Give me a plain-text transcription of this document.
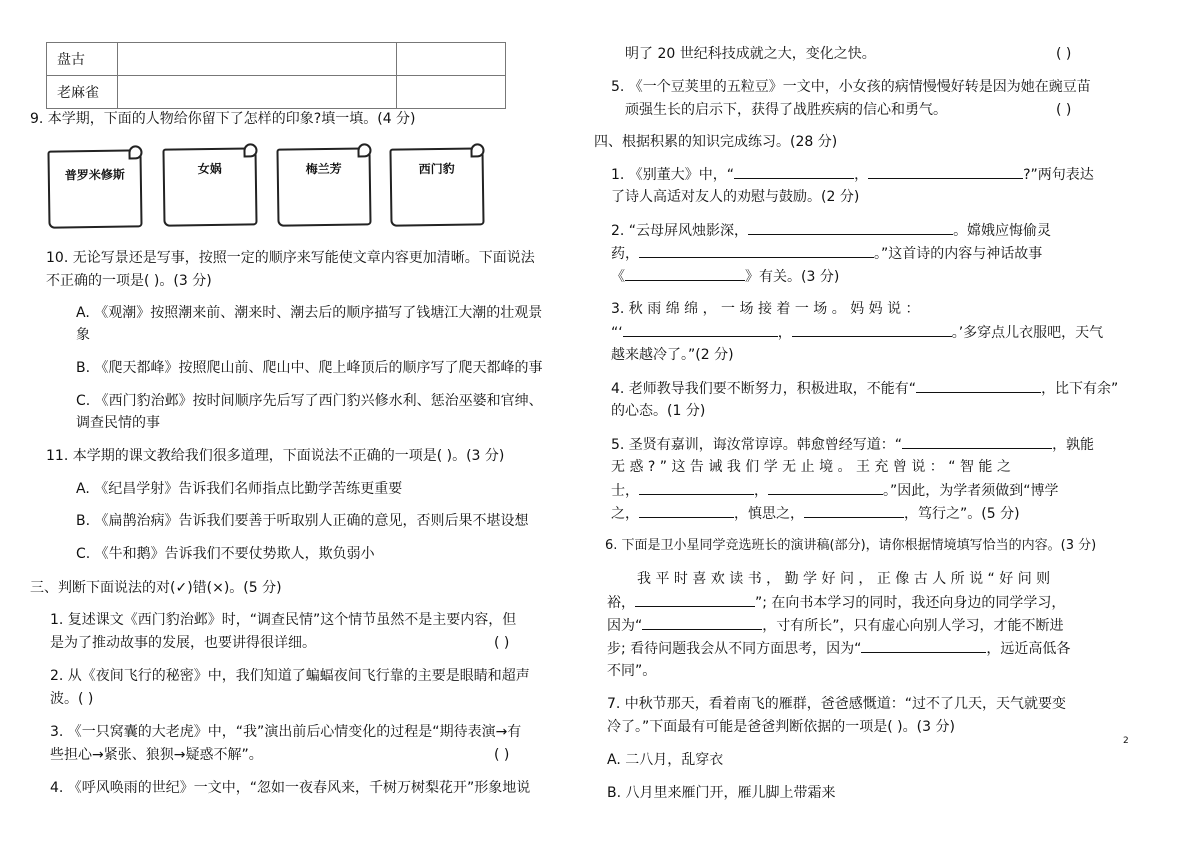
盘古		
老麻雀		
9. 本学期，下面的人物给你留下了怎样的印象?填一填。(4 分)
普罗米修斯	女娲	梅兰芳	西门豹
10. 无论写景还是写事，按照一定的顺序来写能使文章内容更加清晰。下面说法
不正确的一项是( )。(3 分)
A. 《观潮》按照潮来前、潮来时、潮去后的顺序描写了钱塘江大潮的壮观景
象
B. 《爬天都峰》按照爬山前、爬山中、爬上峰顶后的顺序写了爬天都峰的事
C. 《西门豹治邺》按时间顺序先后写了西门豹兴修水利、惩治巫婆和官绅、
调查民情的事
11. 本学期的课文教给我们很多道理，下面说法不正确的一项是( )。(3 分)
A. 《纪昌学射》告诉我们名师指点比勤学苦练更重要
B. 《扁鹊治病》告诉我们要善于听取别人正确的意见，否则后果不堪设想
C. 《牛和鹅》告诉我们不要仗势欺人，欺负弱小
三、判断下面说法的对(✓)错(×)。(5 分)
1. 复述课文《西门豹治邺》时，“调查民情”这个情节虽然不是主要内容，但
是为了推动故事的发展，也要讲得很详细。	( )
2. 从《夜间飞行的秘密》中，我们知道了蝙蝠夜间飞行靠的主要是眼睛和超声
波。( )
3. 《一只窝囊的大老虎》中，“我”演出前后心情变化的过程是“期待表演→有
些担心→紧张、狼狈→疑惑不解”。	( )
4. 《呼风唤雨的世纪》一文中，“忽如一夜春风来，千树万树梨花开”形象地说
明了 20 世纪科技成就之大，变化之快。	( )
5. 《一个豆荚里的五粒豆》一文中，小女孩的病情慢慢好转是因为她在豌豆苗
顽强生长的启示下，获得了战胜疾病的信心和勇气。	( )
四、根据积累的知识完成练习。(28 分)
1. 《别董大》中，“	，	?”两句表达
了诗人高适对友人的劝慰与鼓励。(2 分)
2. “云母屏风烛影深，	。嫦娥应悔偷灵
药，	。”这首诗的内容与神话故事
《	》有关。(3 分)
3. 秋 雨 绵 绵 ， 一 场 接 着 一 场 。 妈 妈 说 ：
“‘	，	。’多穿点儿衣服吧，天气
越来越冷了。”(2 分)
4. 老师教导我们要不断努力，积极进取，不能有“	，比下有余”
的心态。(1 分)
5. 圣贤有嘉训，诲汝常谆谆。韩愈曾经写道：“	，孰能
无 惑 ? ” 这 告 诫 我 们 学 无 止 境 。 王 充 曾 说 ： “ 智 能 之
士，	，	。”因此，为学者须做到“博学
之，	，慎思之，	，笃行之”。(5 分)
6. 下面是卫小星同学竞选班长的演讲稿(部分)，请你根据情境填写恰当的内容。(3 分)
我 平 时 喜 欢 读 书 ， 勤 学 好 问 ， 正 像 古 人 所 说 “ 好 问 则
裕，	”; 在向书本学习的同时，我还向身边的同学学习，
因为“	，寸有所长”，只有虚心向别人学习，才能不断进
步; 看待问题我会从不同方面思考，因为“	，远近高低各
不同”。
7. 中秋节那天，看着南飞的雁群，爸爸感慨道：“过不了几天，天气就要变
冷了。”下面最有可能是爸爸判断依据的一项是( )。(3 分)
2
A. 二八月，乱穿衣
B. 八月里来雁门开，雁儿脚上带霜来
